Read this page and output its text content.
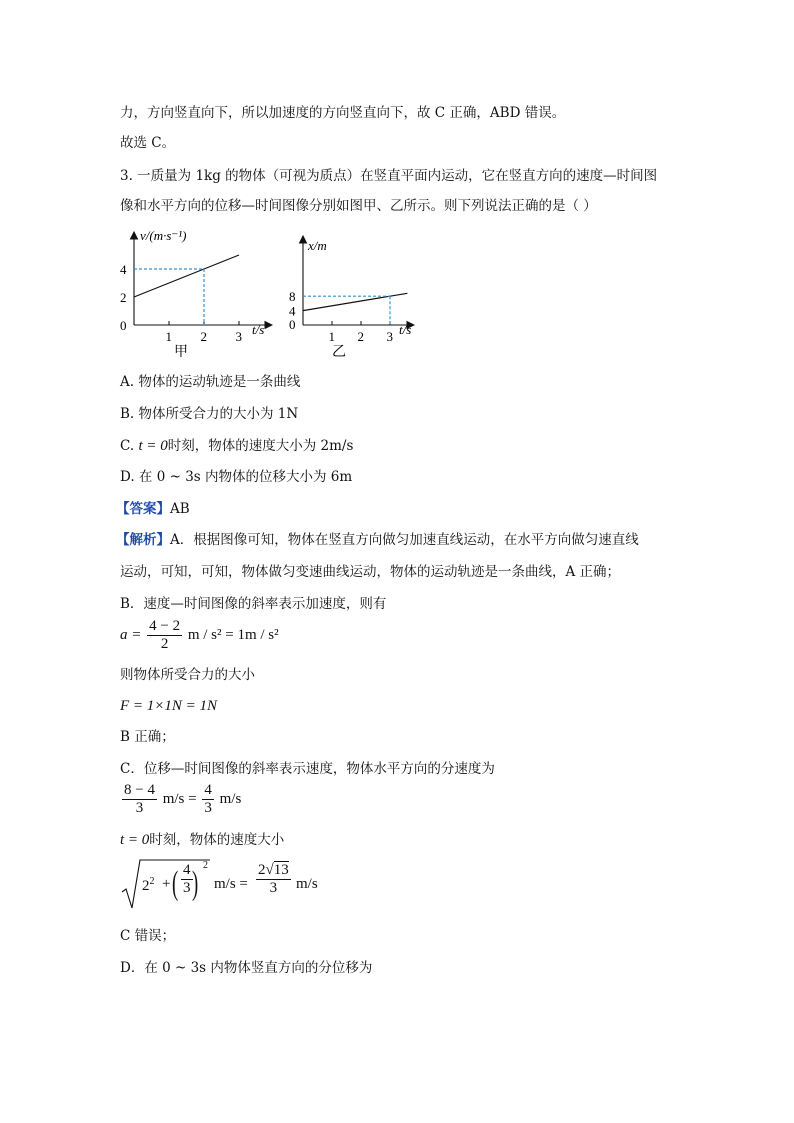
力，方向竖直向下，所以加速度的方向竖直向下，故 C 正确，ABD 错误。
故选 C。
3. 一质量为 1kg 的物体（可视为质点）在竖直平面内运动，它在竖直方向的速度—时间图
像和水平方向的位移—时间图像分别如图甲、乙所示。则下列说法正确的是（ ）
1 2 3
2
4
v/(m·s⁻¹)
t/s
0
甲
1 2 3
4
8
x/m
t/s
0
乙
A. 物体的运动轨迹是一条曲线
B. 物体所受合力的大小为 1N
C. t = 0时刻，物体的速度大小为 2m/s
D. 在 0 ~ 3s 内物体的位移大小为 6m
【答案】AB
【解析】A．根据图像可知，物体在竖直方向做匀加速直线运动，在水平方向做匀速直线
运动，可知，可知，物体做匀变速曲线运动，物体的运动轨迹是一条曲线，A 正确；
B．速度—时间图像的斜率表示加速度，则有
$a = \frac{4 - 2}{2}$ m / s² = 1m / s²
则物体所受合力的大小
F = 1×1N = 1N
B 正确；
C．位移—时间图像的斜率表示速度，物体水平方向的分速度为
$\frac{8 - 4}{3} m/s = \frac{4}{3} m/s$
t = 0时刻，物体的速度大小
$2^2$ + ( $\frac{4}{3}$ ) 2
$m/s = \frac{2√13}{3} m/s$
C 错误；
D．在 0 ~ 3s 内物体竖直方向的分位移为
